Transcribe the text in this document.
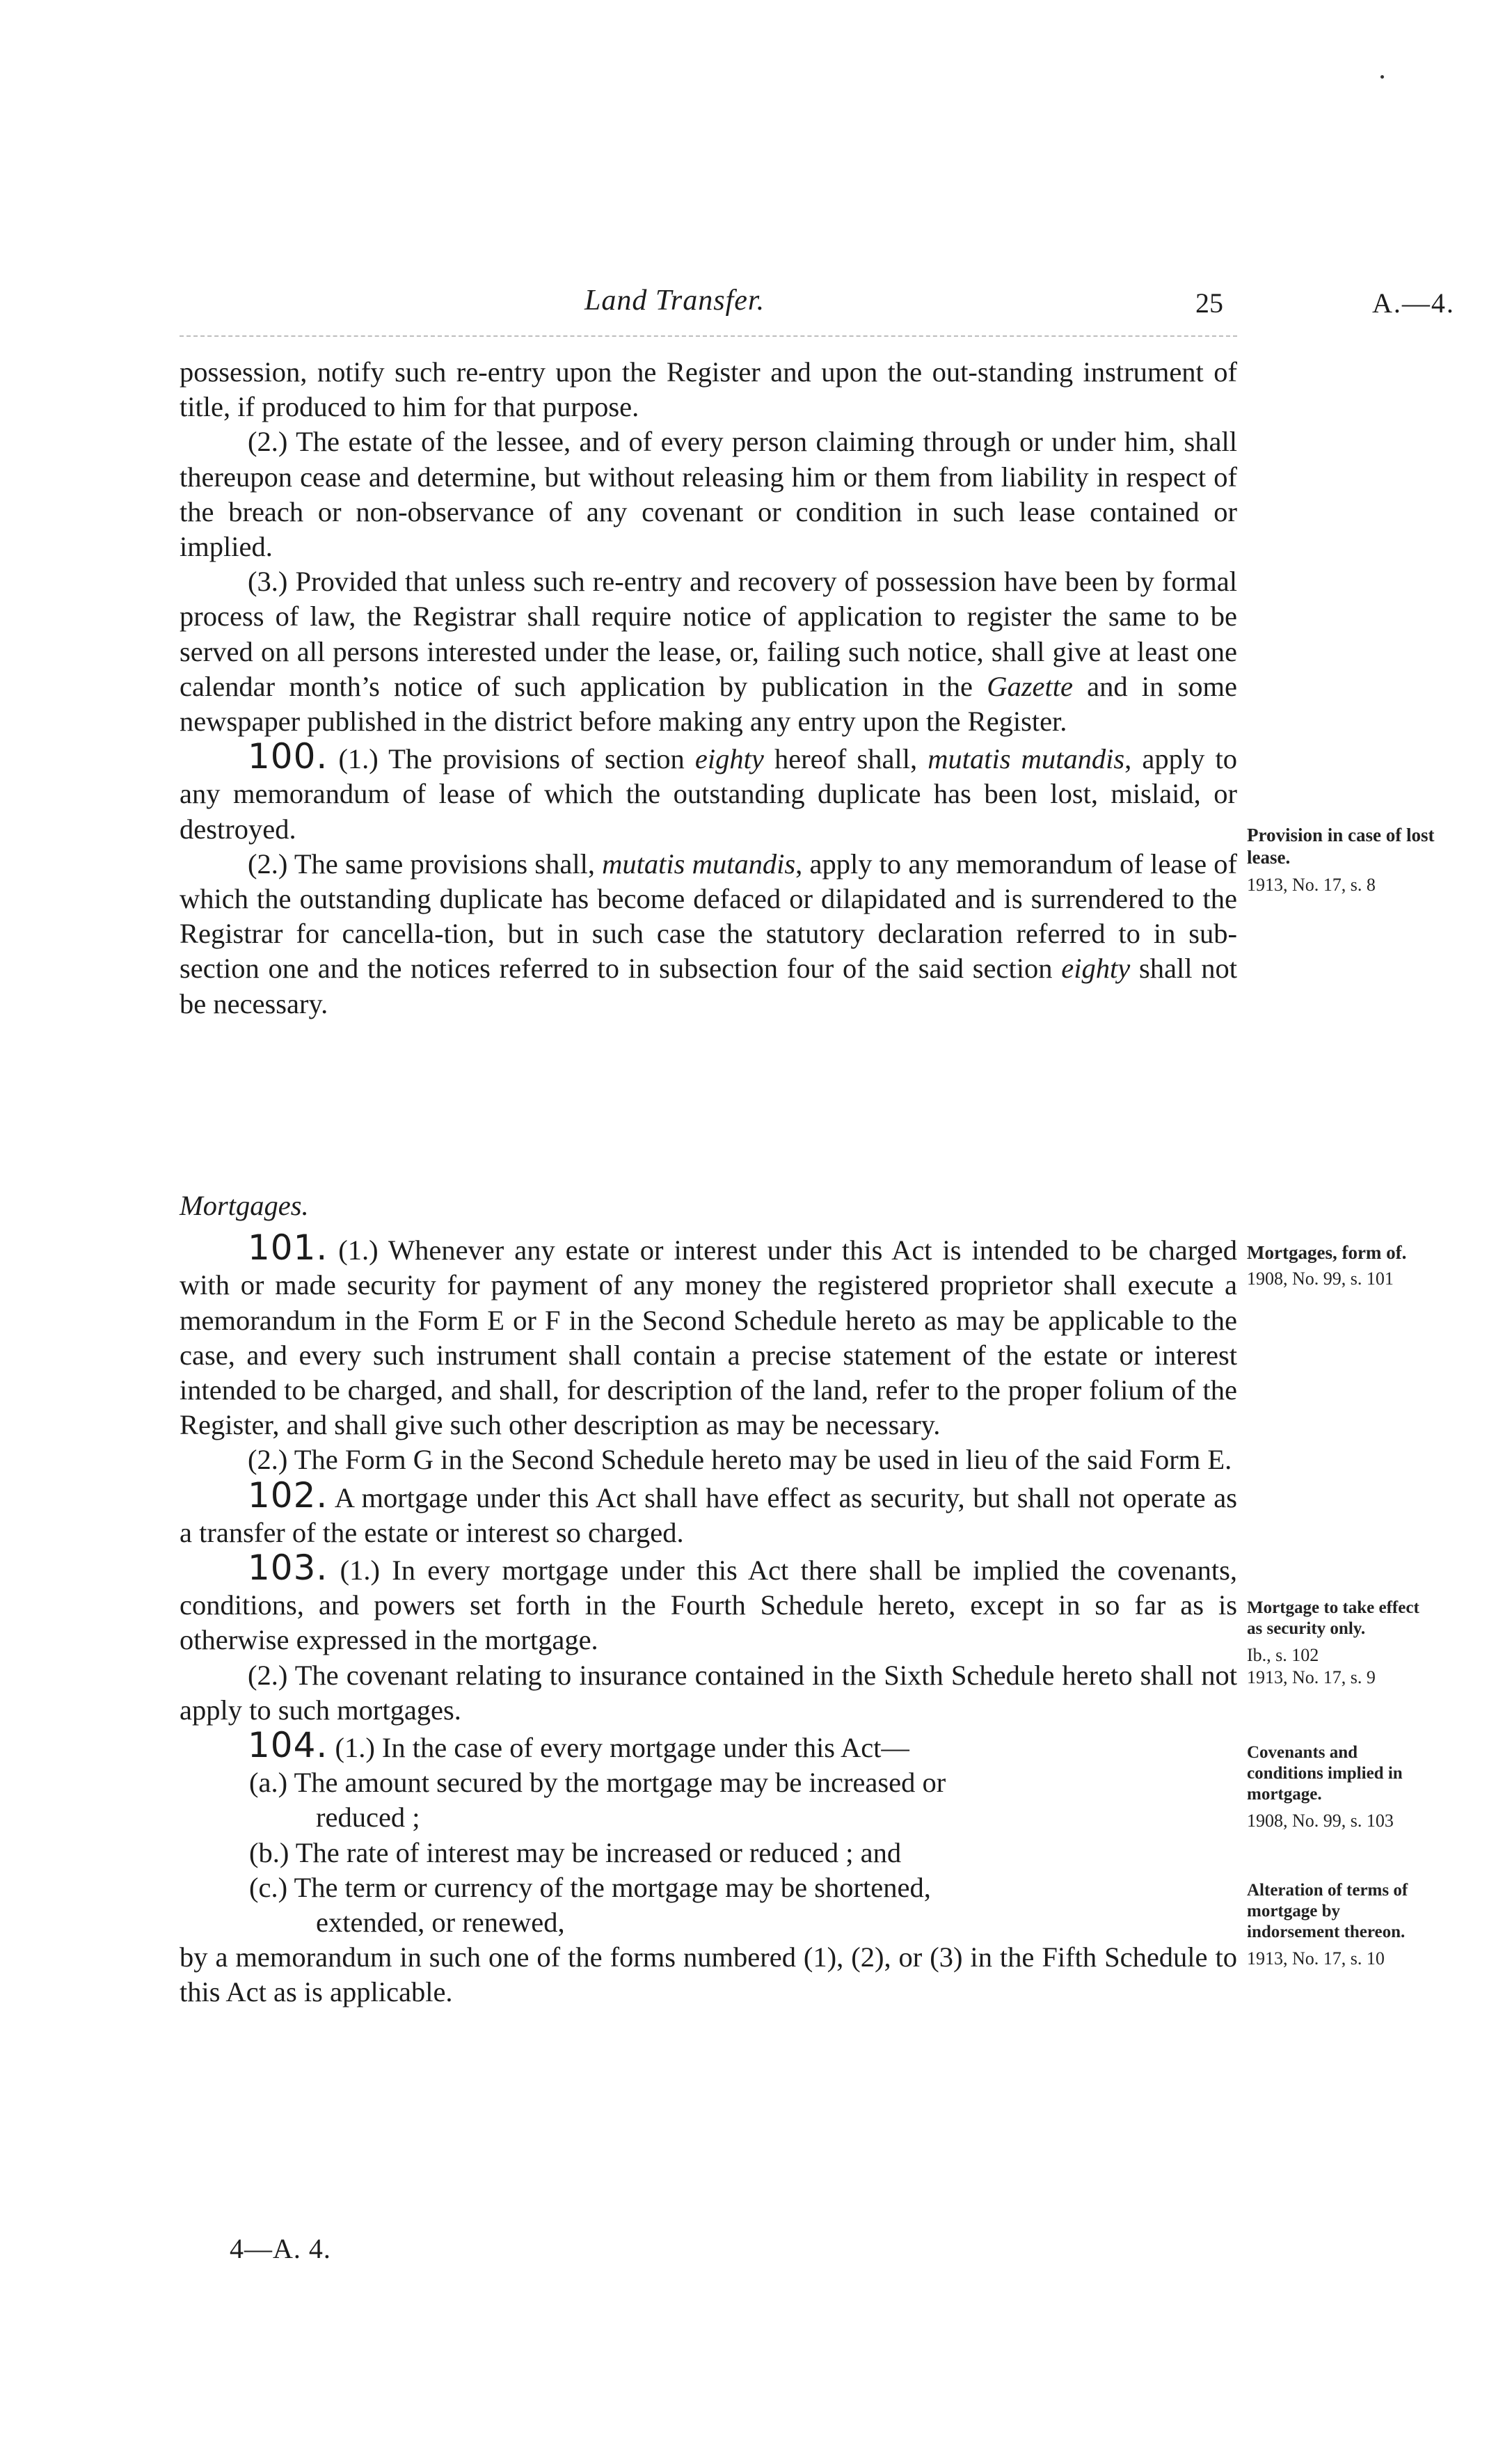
Land Transfer.	25	A.—4.

possession, notify such re-entry upon the Register and upon the out-standing instrument of title, if produced to him for that purpose.

(2.) The estate of the lessee, and of every person claiming through or under him, shall thereupon cease and determine, but without releasing him or them from liability in respect of the breach or non-observance of any covenant or condition in such lease contained or implied.

(3.) Provided that unless such re-entry and recovery of possession have been by formal process of law, the Registrar shall require notice of application to register the same to be served on all persons interested under the lease, or, failing such notice, shall give at least one calendar month’s notice of such application by publication in the Gazette and in some newspaper published in the district before making any entry upon the Register.

100. (1.) The provisions of section eighty hereof shall, mutatis mutandis, apply to any memorandum of lease of which the outstanding duplicate has been lost, mislaid, or destroyed.

(2.) The same provisions shall, mutatis mutandis, apply to any memorandum of lease of which the outstanding duplicate has become defaced or dilapidated and is surrendered to the Registrar for cancella-tion, but in such case the statutory declaration referred to in sub-section one and the notices referred to in subsection four of the said section eighty shall not be necessary.

Mortgages.

101. (1.) Whenever any estate or interest under this Act is intended to be charged with or made security for payment of any money the registered proprietor shall execute a memorandum in the Form E or F in the Second Schedule hereto as may be applicable to the case, and every such instrument shall contain a precise statement of the estate or interest intended to be charged, and shall, for description of the land, refer to the proper folium of the Register, and shall give such other description as may be necessary.

(2.) The Form G in the Second Schedule hereto may be used in lieu of the said Form E.

102. A mortgage under this Act shall have effect as security, but shall not operate as a transfer of the estate or interest so charged.

103. (1.) In every mortgage under this Act there shall be implied the covenants, conditions, and powers set forth in the Fourth Schedule hereto, except in so far as is otherwise expressed in the mortgage.

(2.) The covenant relating to insurance contained in the Sixth Schedule hereto shall not apply to such mortgages.

104. (1.) In the case of every mortgage under this Act—

(a.) The amount secured by the mortgage may be increased or
reduced ;
(b.) The rate of interest may be increased or reduced ; and
(c.) The term or currency of the mortgage may be shortened,
extended, or renewed,

by a memorandum in such one of the forms numbered (1), (2), or (3) in the Fifth Schedule to this Act as is applicable.

4—A. 4.
Provision in case of lost lease.
1913, No. 17, s. 8
Mortgages, form of.
1908, No. 99, s. 101
Mortgage to take effect as security only.
Ib., s. 102
1913, No. 17, s. 9
Covenants and conditions implied in mortgage.
1908, No. 99, s. 103
Alteration of terms of mortgage by indorsement thereon.
1913, No. 17, s. 10
